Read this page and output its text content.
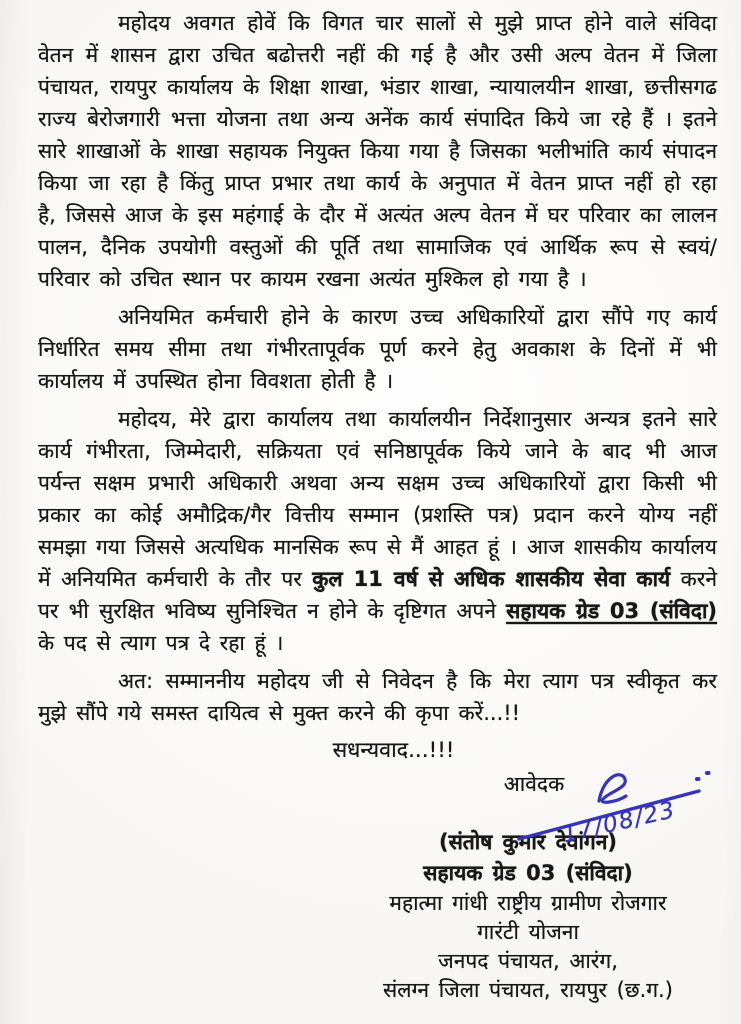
महोदय अवगत होवें कि विगत चार सालों से मुझे प्राप्त होने वाले संविदा वेतन में शासन द्वारा उचित बढोत्तरी नहीं की गई है और उसी अल्प वेतन में जिला पंचायत, रायपुर कार्यालय के शिक्षा शाखा, भंडार शाखा, न्यायालयीन शाखा, छत्तीसगढ राज्य बेरोजगारी भत्ता योजना तथा अन्य अनेंक कार्य संपादित किये जा रहे हैं । इतने सारे शाखाओं के शाखा सहायक नियुक्त किया गया है जिसका भलीभांति कार्य संपादन किया जा रहा है किंतु प्राप्त प्रभार तथा कार्य के अनुपात में वेतन प्राप्त नहीं हो रहा है, जिससे आज के इस महंगाई के दौर में अत्यंत अल्प वेतन में घर परिवार का लालन पालन, दैनिक उपयोगी वस्तुओं की पूर्ति तथा सामाजिक एवं आर्थिक रूप से स्वयं/परिवार को उचित स्थान पर कायम रखना अत्यंत मुश्किल हो गया है ।

अनियमित कर्मचारी होने के कारण उच्च अधिकारियों द्वारा सौंपे गए कार्य निर्धारित समय सीमा तथा गंभीरतापूर्वक पूर्ण करने हेतु अवकाश के दिनों में भी कार्यालय में उपस्थित होना विवशता होती है ।

महोदय, मेरे द्वारा कार्यालय तथा कार्यालयीन निर्देशानुसार अन्यत्र इतने सारे कार्य गंभीरता, जिम्मेदारी, सक्रियता एवं सनिष्ठापूर्वक किये जाने के बाद भी आज पर्यन्त सक्षम प्रभारी अधिकारी अथवा अन्य सक्षम उच्च अधिकारियों द्वारा किसी भी प्रकार का कोई अमौद्रिक/गैर वित्तीय सम्मान (प्रशस्ति पत्र) प्रदान करने योग्य नहीं समझा गया जिससे अत्यधिक मानसिक रूप से मैं आहत हूं । आज शासकीय कार्यालय में अनियमित कर्मचारी के तौर पर कुल 11 वर्ष से अधिक शासकीय सेवा कार्य करने पर भी सुरक्षित भविष्य सुनिश्चित न होने के दृष्टिगत अपने सहायक ग्रेड 03 (संविदा) के पद से त्याग पत्र दे रहा हूं ।

अत: सम्माननीय महोदय जी से निवेदन है कि मेरा त्याग पत्र स्वीकृत कर मुझे सौंपे गये समस्त दायित्व से मुक्त करने की कृपा करें...!!

सधन्यवाद...!!!
आवेदक
17/08/23
(संतोष कुमार देवांगन)
सहायक ग्रेड 03 (संविदा)
महात्मा गांधी राष्ट्रीय ग्रामीण रोजगार
गारंटी योजना
जनपद पंचायत, आरंग,
संलग्न जिला पंचायत, रायपुर (छ.ग.)
